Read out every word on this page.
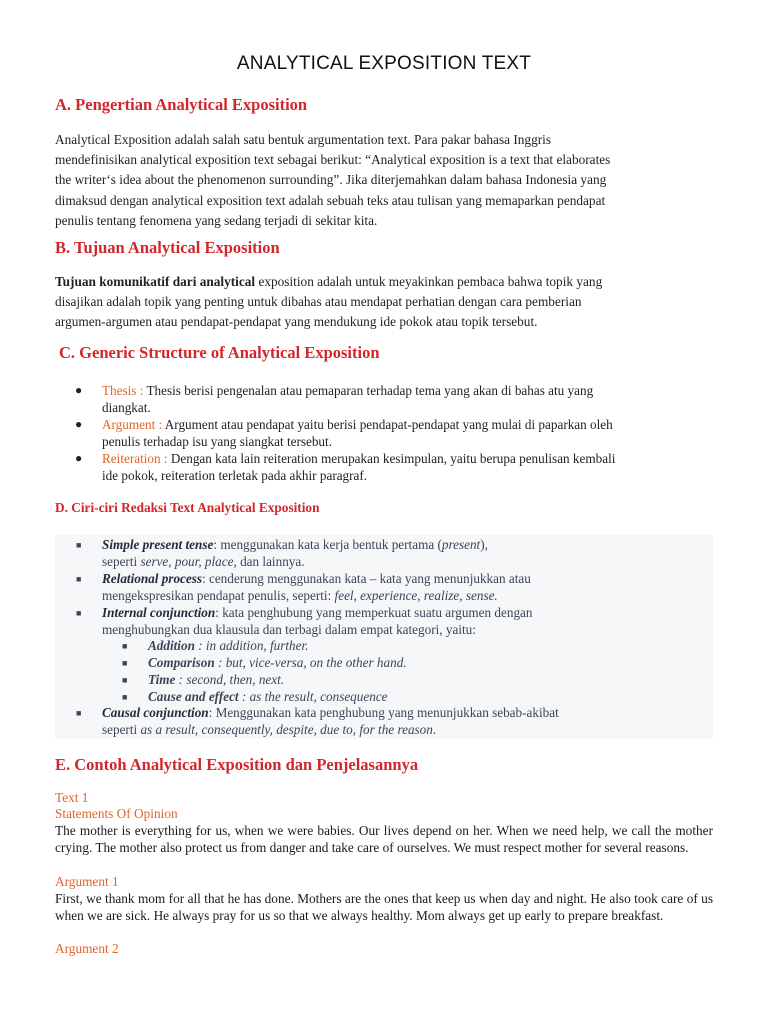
ANALYTICAL EXPOSITION TEXT
A. Pengertian Analytical Exposition
Analytical Exposition adalah salah satu bentuk argumentation text. Para pakar bahasa Inggris
mendefinisikan analytical exposition text sebagai berikut: “Analytical exposition is a text that elaborates
the writer‘s idea about the phenomenon surrounding”. Jika diterjemahkan dalam bahasa Indonesia yang
dimaksud dengan analytical exposition text adalah sebuah teks atau tulisan yang memaparkan pendapat
penulis tentang fenomena yang sedang terjadi di sekitar kita.
B. Tujuan Analytical Exposition
Tujuan komunikatif dari analytical exposition adalah untuk meyakinkan pembaca bahwa topik yang
disajikan adalah topik yang penting untuk dibahas atau mendapat perhatian dengan cara pemberian
argumen-argumen atau pendapat-pendapat yang mendukung ide pokok atau topik tersebut.
C. Generic Structure of Analytical Exposition
● Thesis : Thesis berisi pengenalan atau pemaparan terhadap tema yang akan di bahas atu yang
diangkat.
● Argument : Argument atau pendapat yaitu berisi pendapat-pendapat yang mulai di paparkan oleh
penulis terhadap isu yang siangkat tersebut.
● Reiteration : Dengan kata lain reiteration merupakan kesimpulan, yaitu berupa penulisan kembali
ide pokok, reiteration terletak pada akhir paragraf.
D. Ciri-ciri Redaksi Text Analytical Exposition
■ Simple present tense: menggunakan kata kerja bentuk pertama (present),
seperti serve, pour, place, dan lainnya.
■ Relational process: cenderung menggunakan kata – kata yang menunjukkan atau
mengekspresikan pendapat penulis, seperti: feel, experience, realize, sense.
■ Internal conjunction: kata penghubung yang memperkuat suatu argumen dengan
menghubungkan dua klausula dan terbagi dalam empat kategori, yaitu:
■ Addition : in addition, further.
■ Comparison : but, vice-versa, on the other hand.
■ Time : second, then, next.
■ Cause and effect : as the result, consequence
■ Causal conjunction: Menggunakan kata penghubung yang menunjukkan sebab-akibat
seperti as a result, consequently, despite, due to, for the reason.
E. Contoh Analytical Exposition dan Penjelasannya
Text 1
Statements Of Opinion
The mother is everything for us, when we were babies. Our lives depend on her. When we need help, we call the mother crying. The mother also protect us from danger and take care of ourselves. We must respect mother for several reasons.
Argument 1
First, we thank mom for all that he has done. Mothers are the ones that keep us when day and night. He also took care of us when we are sick. He always pray for us so that we always healthy. Mom always get up early to prepare breakfast.
Argument 2
